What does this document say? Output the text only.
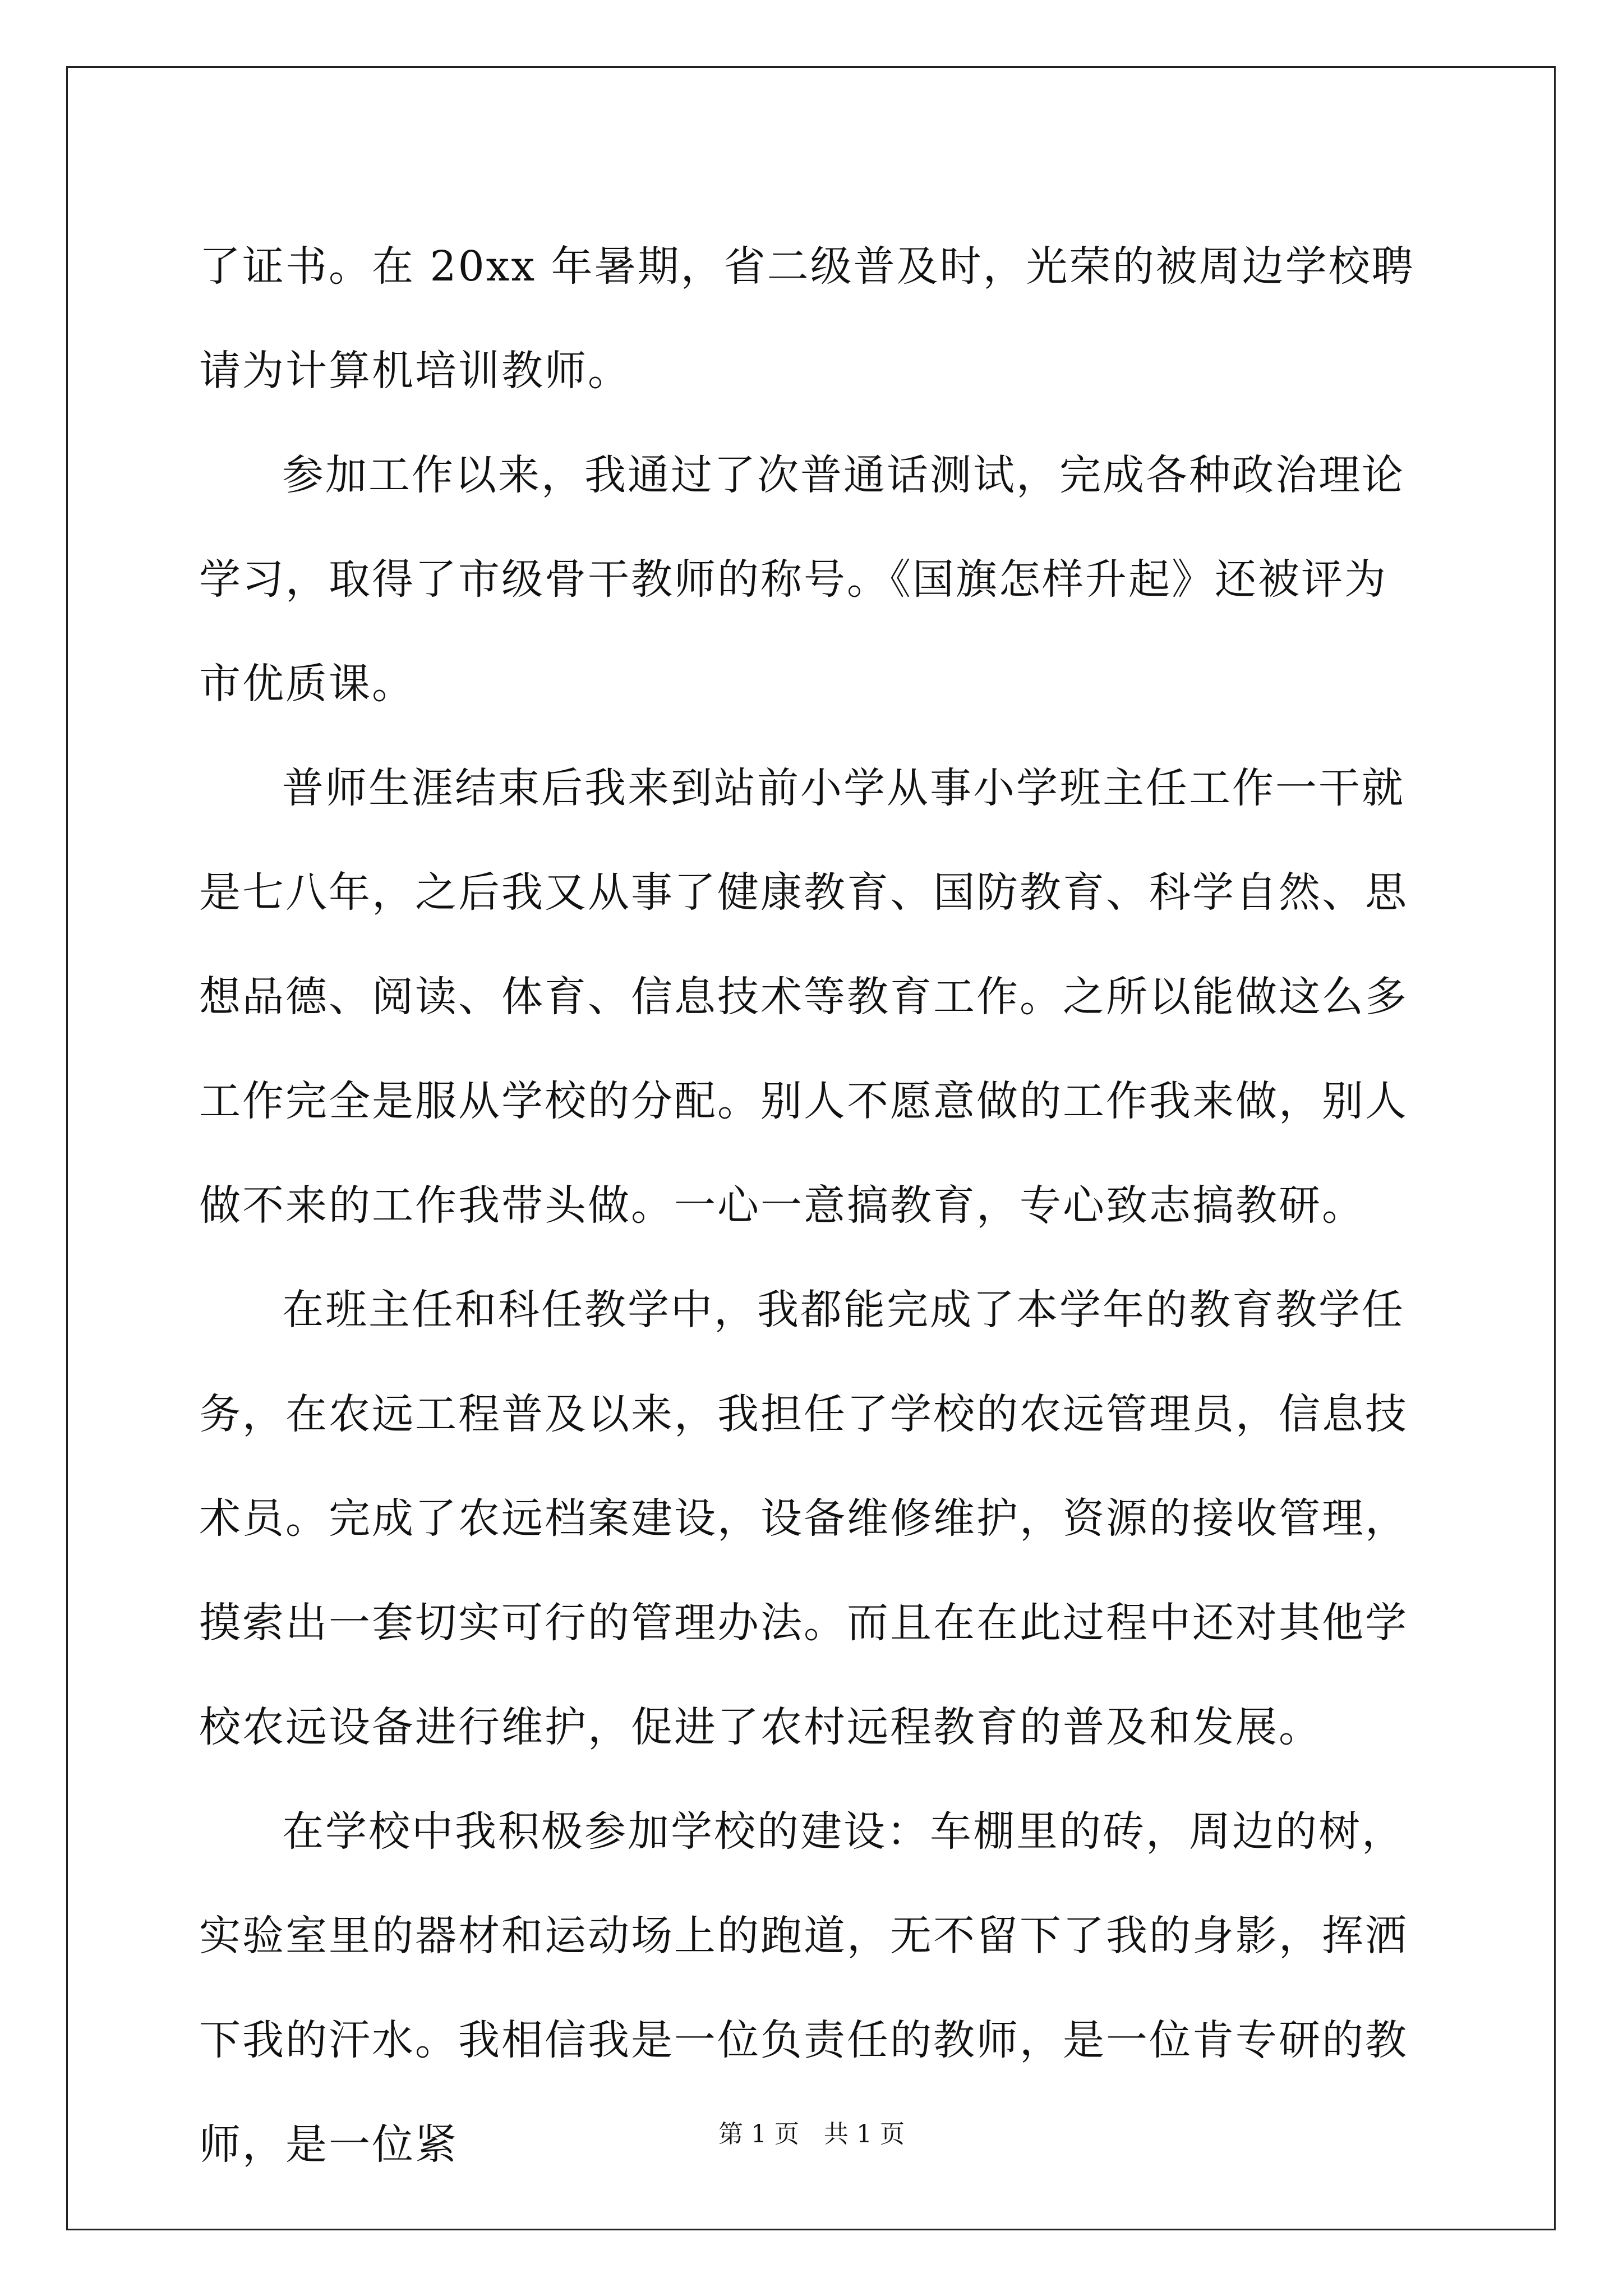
了证书。在 20xx 年暑期，省二级普及时，光荣的被周边学校聘请为计算机培训教师。

参加工作以来，我通过了次普通话测试，完成各种政治理论学习，取得了市级骨干教师的称号。《国旗怎样升起》还被评为市优质课。

普师生涯结束后我来到站前小学从事小学班主任工作一干就是七八年，之后我又从事了健康教育、国防教育、科学自然、思想品德、阅读、体育、信息技术等教育工作。之所以能做这么多工作完全是服从学校的分配。别人不愿意做的工作我来做，别人做不来的工作我带头做。一心一意搞教育，专心致志搞教研。

在班主任和科任教学中，我都能完成了本学年的教育教学任务，在农远工程普及以来，我担任了学校的农远管理员，信息技术员。完成了农远档案建设，设备维修维护，资源的接收管理，摸索出一套切实可行的管理办法。而且在在此过程中还对其他学校农远设备进行维护，促进了农村远程教育的普及和发展。

在学校中我积极参加学校的建设：车棚里的砖，周边的树，实验室里的器材和运动场上的跑道，无不留下了我的身影，挥洒下我的汗水。我相信我是一位负责任的教师，是一位肯专研的教师，是一位紧	第 1 页　共 1 页
